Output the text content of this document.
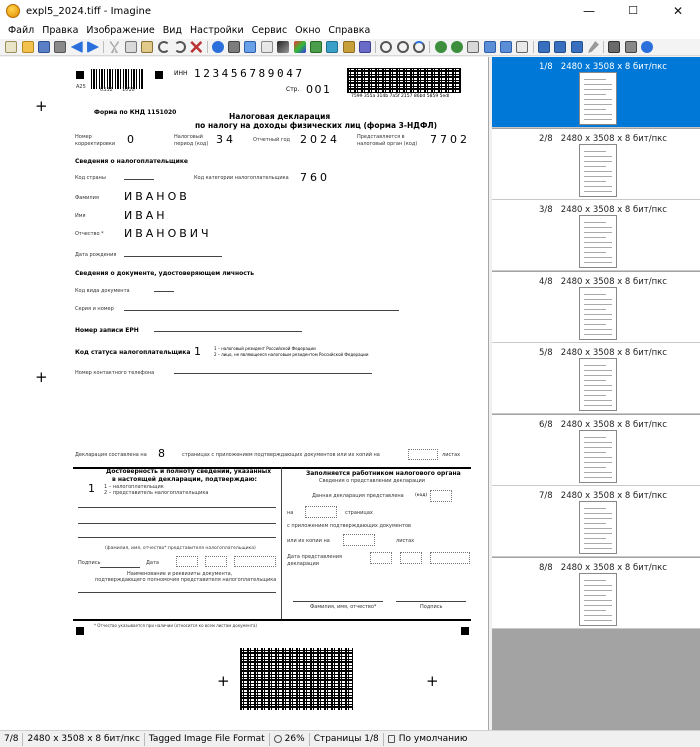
expl5_2024.tiff - Imagine	—	☐	✕
Файл Правка Изображение Вид Настройки Сервис Окно Справка
A25	0332 1010
ИНН 123456789047
7599 355a 314b 7a5f 2157 86bd 5859 5edl
Стр. 001
+	Форма по КНД 1151020	Налоговая декларация
по налогу на доходы физических лиц (форма 3-НДФЛ)
Номер корректировки	0	Налоговый период (код) 34	Отчетный год 2024	Представляется в налоговый орган (код)	7702
Сведения о налогоплательщике
Код страны	Код категории налогоплательщика 760
Фамилия ИВАНОВ
Имя	ИВАН
Отчество * ИВАНОВИЧ
Дата рождения
Сведения о документе, удостоверяющем личность
Код вида документа
Серия и номер
Номер записи ЕРН
Код статуса налогоплательщика 1	1 – налоговый резидент Российской Федерации
2 – лицо, не являющееся налоговым резидентом Российской Федерации
Номер контактного телефона
+
Декларация составлена на 8	страницах с приложением подтверждающих документов или их копий на	листах
Достоверность и полноту сведений, указанных
в настоящей декларации, подтверждаю:
1 1 – налогоплательщик
2 – представитель налогоплательщика
(фамилия, имя, отчество* представителя налогоплательщика)
Подпись	Дата
Наименование и реквизиты документа,
подтверждающего полномочия представителя налогоплательщика
Заполняется работником налогового органа
Сведения о представлении декларации
Данная декларация представлена	(код)
на	страницах
с приложением подтверждающих документов
или их копии на	листах
Дата представления декларации
Фамилия, имя, отчество*	Подпись
* Отчество указывается при наличии (относится ко всем листам документа)
+	+
1/8 2480 x 3508 x 8 бит/пкс
2/8 2480 x 3508 x 8 бит/пкс
3/8 2480 x 3508 x 8 бит/пкс
4/8 2480 x 3508 x 8 бит/пкс
5/8 2480 x 3508 x 8 бит/пкс
6/8 2480 x 3508 x 8 бит/пкс
7/8 2480 x 3508 x 8 бит/пкс
8/8 2480 x 3508 x 8 бит/пкс
7/8	2480 x 3508 x 8 бит/пкс	Tagged Image File Format	26%	Страницы 1/8	По умолчанию
